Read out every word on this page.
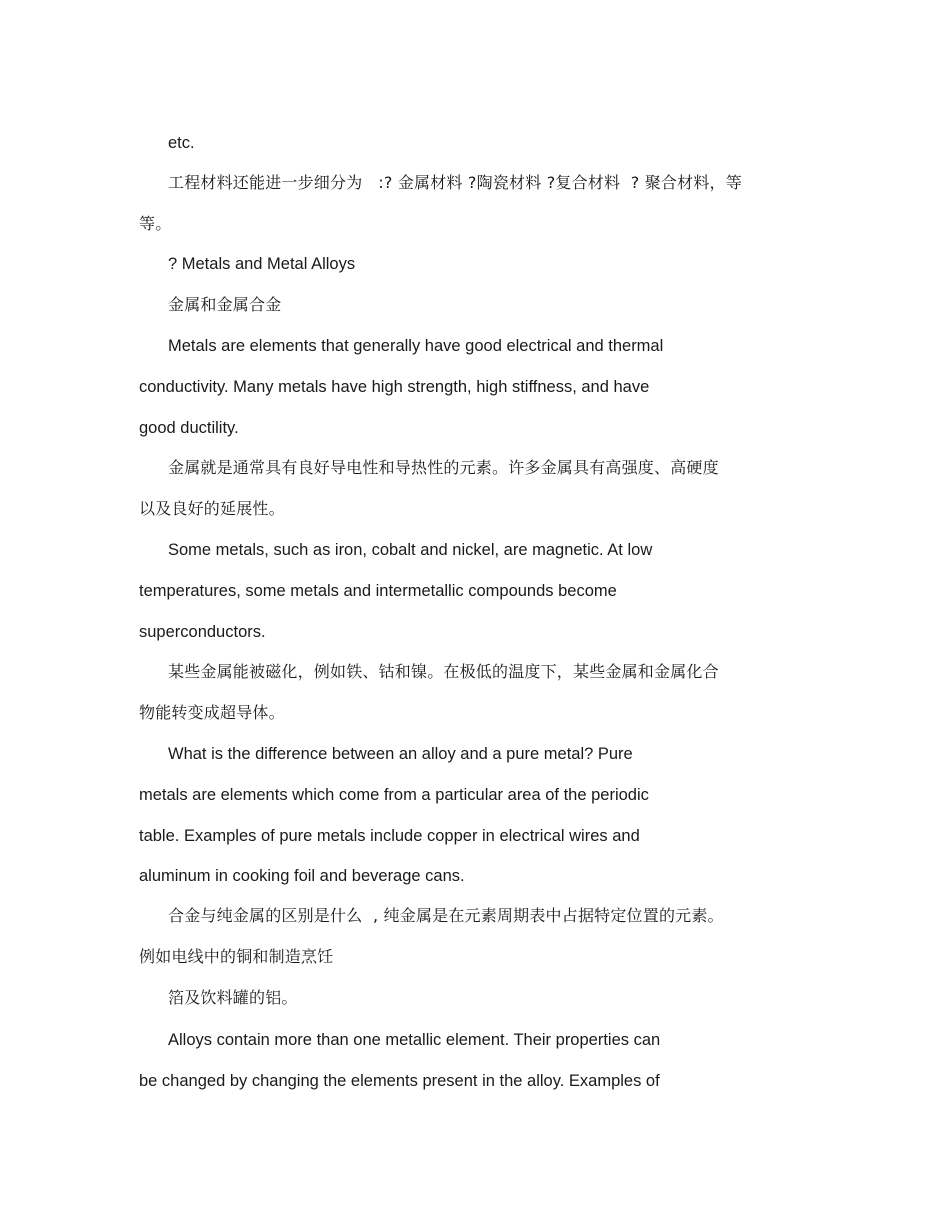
etc.
工程材料还能进一步细分为   :? 金属材料 ?陶瓷材料 ?复合材料  ? 聚合材料，等
等。
? Metals and Metal Alloys
金属和金属合金
Metals are elements that generally have good electrical and thermal
conductivity. Many metals have high strength, high stiffness, and have
good ductility.
金属就是通常具有良好导电性和导热性的元素。许多金属具有高强度、高硬度
以及良好的延展性。
Some metals, such as iron, cobalt and nickel, are magnetic. At low
temperatures, some metals and intermetallic compounds become
superconductors.
某些金属能被磁化，例如铁、钴和镍。在极低的温度下，某些金属和金属化合
物能转变成超导体。
What is the difference between an alloy and a pure metal? Pure
metals are elements which come from a particular area of the periodic
table. Examples of pure metals include copper in electrical wires and
aluminum in cooking foil and beverage cans.
合金与纯金属的区别是什么  , 纯金属是在元素周期表中占据特定位置的元素。
例如电线中的铜和制造烹饪
箔及饮料罐的铝。
Alloys contain more than one metallic element. Their properties can
be changed by changing the elements present in the alloy. Examples of
